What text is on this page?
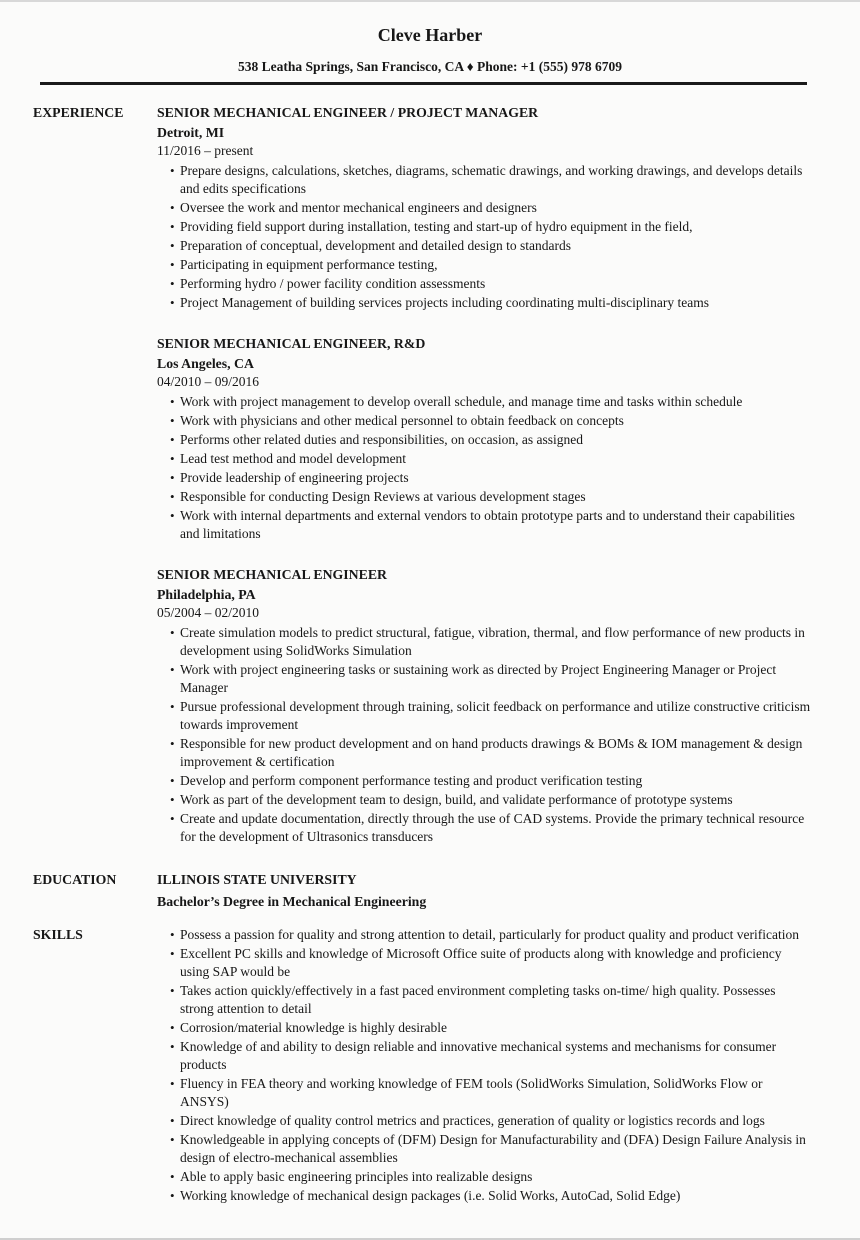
Cleve Harber
538 Leatha Springs, San Francisco, CA ♦ Phone: +1 (555) 978 6709
EXPERIENCE	SENIOR MECHANICAL ENGINEER / PROJECT MANAGER
Detroit, MI
11/2016 – present
• Prepare designs, calculations, sketches, diagrams, schematic drawings, and working drawings, and develops details and edits specifications
• Oversee the work and mentor mechanical engineers and designers
• Providing field support during installation, testing and start-up of hydro equipment in the field,
• Preparation of conceptual, development and detailed design to standards
• Participating in equipment performance testing,
• Performing hydro / power facility condition assessments
• Project Management of building services projects including coordinating multi-disciplinary teams
SENIOR MECHANICAL ENGINEER, R&D
Los Angeles, CA
04/2010 – 09/2016
• Work with project management to develop overall schedule, and manage time and tasks within schedule
• Work with physicians and other medical personnel to obtain feedback on concepts
• Performs other related duties and responsibilities, on occasion, as assigned
• Lead test method and model development
• Provide leadership of engineering projects
• Responsible for conducting Design Reviews at various development stages
• Work with internal departments and external vendors to obtain prototype parts and to understand their capabilities and limitations
SENIOR MECHANICAL ENGINEER
Philadelphia, PA
05/2004 – 02/2010
• Create simulation models to predict structural, fatigue, vibration, thermal, and flow performance of new products in development using SolidWorks Simulation
• Work with project engineering tasks or sustaining work as directed by Project Engineering Manager or Project Manager
• Pursue professional development through training, solicit feedback on performance and utilize constructive criticism towards improvement
• Responsible for new product development and on hand products drawings & BOMs & IOM management & design improvement & certification
• Develop and perform component performance testing and product verification testing
• Work as part of the development team to design, build, and validate performance of prototype systems
• Create and update documentation, directly through the use of CAD systems. Provide the primary technical resource for the development of Ultrasonics transducers
EDUCATION	ILLINOIS STATE UNIVERSITY
Bachelor’s Degree in Mechanical Engineering
SKILLS	• Possess a passion for quality and strong attention to detail, particularly for product quality and product verification
• Excellent PC skills and knowledge of Microsoft Office suite of products along with knowledge and proficiency using SAP would be
• Takes action quickly/effectively in a fast paced environment completing tasks on-time/ high quality. Possesses strong attention to detail
• Corrosion/material knowledge is highly desirable
• Knowledge of and ability to design reliable and innovative mechanical systems and mechanisms for consumer products
• Fluency in FEA theory and working knowledge of FEM tools (SolidWorks Simulation, SolidWorks Flow or ANSYS)
• Direct knowledge of quality control metrics and practices, generation of quality or logistics records and logs
• Knowledgeable in applying concepts of (DFM) Design for Manufacturability and (DFA) Design Failure Analysis in design of electro-mechanical assemblies
• Able to apply basic engineering principles into realizable designs
• Working knowledge of mechanical design packages (i.e. Solid Works, AutoCad, Solid Edge)
